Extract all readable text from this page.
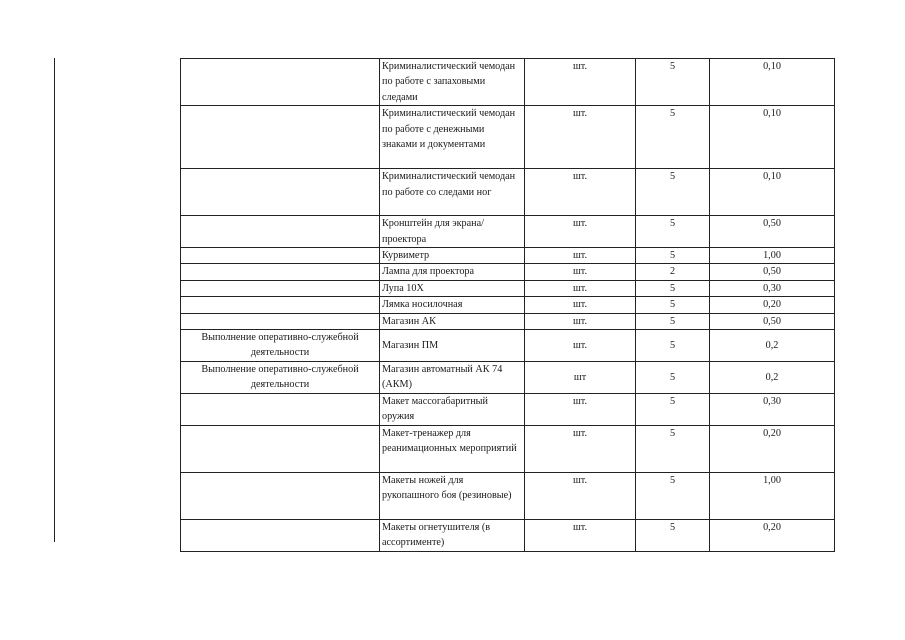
	Криминалистический чемодан по работе с запаховыми следами	шт.	5	0,10
	Криминалистический чемодан по работе с денежными знаками и документами	шт.	5	0,10
	Криминалистический чемодан по работе со следами ног	шт.	5	0,10
	Кронштейн для экрана/проектора	шт.	5	0,50
	Курвиметр	шт.	5	1,00
	Лампа для проектора	шт.	2	0,50
	Лупа 10Х	шт.	5	0,30
	Лямка носилочная	шт.	5	0,20
	Магазин АК	шт.	5	0,50
Выполнение оперативно-служебной деятельности	Магазин ПМ	шт.	5	0,2
Выполнение оперативно-служебной деятельности	Магазин автоматный АК 74 (АКМ)	шт	5	0,2
	Макет массогабаритный оружия	шт.	5	0,30
	Макет-тренажер для реанимационных мероприятий	шт.	5	0,20
	Макеты ножей для рукопашного боя (резиновые)	шт.	5	1,00
	Макеты огнетушителя (в ассортименте)	шт.	5	0,20
